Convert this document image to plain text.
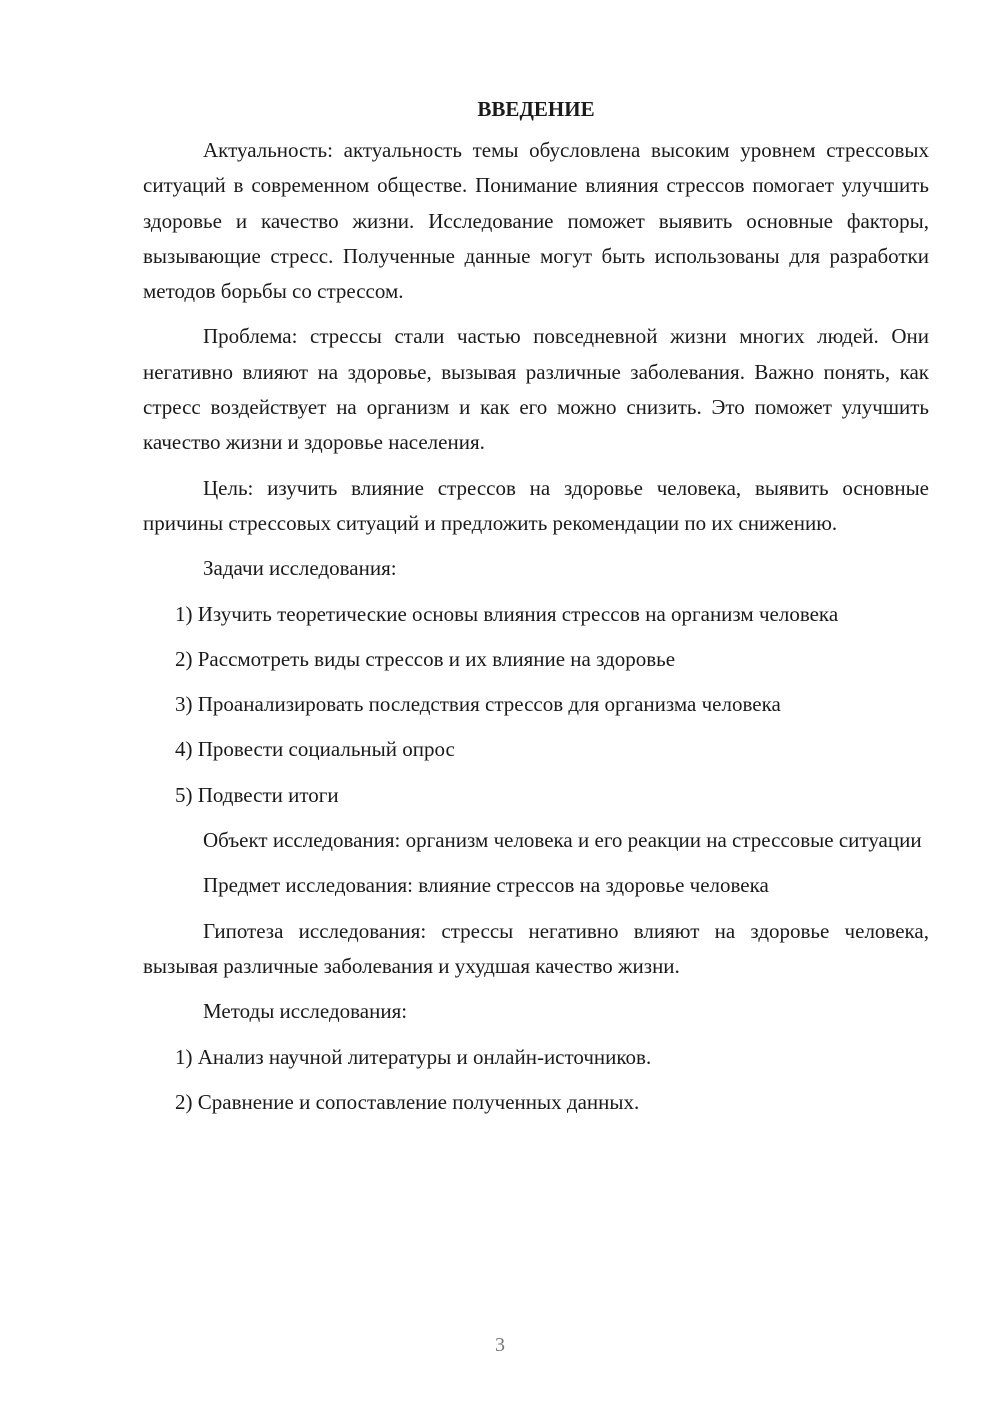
ВВЕДЕНИЕ

Актуальность: актуальность темы обусловлена высоким уровнем стрессовых ситуаций в современном обществе. Понимание влияния стрессов помогает улучшить здоровье и качество жизни. Исследование поможет выявить основные факторы, вызывающие стресс. Полученные данные могут быть использованы для разработки методов борьбы со стрессом.

Проблема: стрессы стали частью повседневной жизни многих людей. Они негативно влияют на здоровье, вызывая различные заболевания. Важно понять, как стресс воздействует на организм и как его можно снизить. Это поможет улучшить качество жизни и здоровье населения.

Цель: изучить влияние стрессов на здоровье человека, выявить основные причины стрессовых ситуаций и предложить рекомендации по их снижению.

Задачи исследования:

1) Изучить теоретические основы влияния стрессов на организм человека
2) Рассмотреть виды стрессов и их влияние на здоровье
3) Проанализировать последствия стрессов для организма человека
4) Провести социальный опрос
5) Подвести итоги

Объект исследования: организм человека и его реакции на стрессовые ситуации

Предмет исследования: влияние стрессов на здоровье человека

Гипотеза исследования: стрессы негативно влияют на здоровье человека, вызывая различные заболевания и ухудшая качество жизни.

Методы исследования:

1) Анализ научной литературы и онлайн-источников.
2) Сравнение и сопоставление полученных данных.
3
